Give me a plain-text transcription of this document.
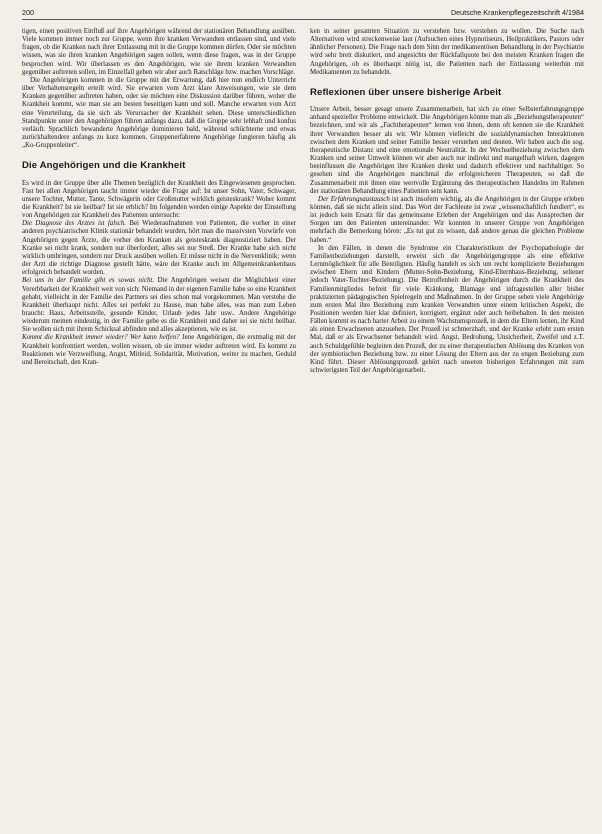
200	Deutsche Krankenpflegezeitschrift 4/1984

tigen, einen positiven Einfluß auf ihre Angehörigen während der stationären Behandlung ausüben. Viele kommen immer noch zur Gruppe, wenn ihre kranken Verwandten entlassen sind, und viele fragen, ob die Kranken nach ihrer Entlassung mit in die Gruppe kommen dürfen. Oder sie möchten wissen, was sie ihren kranken Angehörigen sagen sollen, wenn diese fragen, was in der Gruppe besprochen wird. Wir überlassen es den Angehörigen, wie sie ihrem kranken Verwandten gegenüber auftreten sollen, im Einzelfall geben wir aber auch Ratschläge bzw. machen Vorschläge.

Die Angehörigen kommen in die Gruppe mit der Erwartung, daß hier nun endlich Unterricht über Verhaltensregeln erteilt wird. Sie erwarten vom Arzt klare Anweisungen, wie sie dem Kranken gegenüber auftreten haben, oder sie möchten eine Diskussion darüber führen, woher die Krankheit kommt, wie man sie am besten beseitigen kann und soll. Manche erwarten vom Arzt eine Verurteilung, da sie sich als Verursacher der Krankheit sehen. Diese unterschiedlichen Standpunkte unter den Angehörigen führen anfangs dazu, daß die Gruppe sehr lebhaft und konfus verläuft. Sprachlich bewanderte Angehörige dominieren bald, während schüchterne und etwas zurückhaltendere anfangs zu kurz kommen. Gruppenerfahrene Angehörige fungieren häufig als „Ko-Gruppenleiter“.

Die Angehörigen und die Krankheit

Es wird in der Gruppe über alle Themen bezüglich der Krankheit des Eingewiesenen gesprochen. Fast bei allen Angehörigen taucht immer wieder die Frage auf: Ist unser Sohn, Vater, Schwager, unsere Tochter, Mutter, Tante, Schwägerin oder Großmutter wirklich geisteskrank? Woher kommt die Krankheit? Ist sie heilbar? Ist sie erblich? Im folgenden werden einige Aspekte der Einstellung von Angehörigen zur Krankheit des Patienten untersucht:

Die Diagnose des Arztes ist falsch. Bei Wiederaufnahmen von Patienten, die vorher in einer anderen psychiatrischen Klinik stationär behandelt wurden, hört man die massivsten Vorwürfe von Angehörigen gegen Ärzte, die vorher den Kranken als geisteskrank diagnostiziert haben. Der Kranke sei nicht krank, sondern nur überfordert, alles sei nur Streß. Der Kranke habe sich nicht wirklich umbringen, sondern nur Druck ausüben wollen. Er müsse nicht in die Nervenklinik; wenn der Arzt die richtige Diagnose gestellt hätte, wäre der Kranke auch im Allgemeinkrankenhaus erfolgreich behandelt worden.

Bei uns in der Familie gibt es sowas nicht. Die Angehörigen weisen die Möglichkeit einer Vererbbarkeit der Krankheit weit von sich: Niemand in der eigenen Familie habe so eine Krankheit gehabt, vielleicht in der Familie des Partners sei dies schon mal vorgekommen. Man verstehe die Krankheit überhaupt nicht. Alles sei perfekt zu Hause, man habe alles, was man zum Leben braucht: Haus, Arbeitsstelle, gesunde Kinder, Urlaub jedes Jahr usw.. Andere Angehörige wiederum meinen eindeutig, in der Familie gebe es die Krankheit und daher sei sie nicht heilbar. Sie wollen sich mit ihrem Schicksal abfinden und alles akzeptieren, wie es ist.

Kommt die Krankheit immer wieder? Wer kann helfen? Jene Angehörigen, die erstmalig mit der Krankheit konfrontiert werden, wollen wissen, ob sie immer wieder auftreten wird. Es kommt zu Reaktionen wie Verzweiflung, Angst, Mitleid, Solidarität, Motivation, weiter zu machen, Geduld und Bereitschaft, den Kran-

ken in seiner gesamten Situation zu verstehen bzw. verstehen zu wollen. Die Suche nach Alternativen wird streckenweise laut (Aufsuchen eines Hypnotiseurs, Heilpraktikers, Pastors oder ähnlicher Personen). Die Frage nach dem Sinn der medikamentösen Behandlung in der Psychiatrie wird sehr breit diskutiert, und angesichts der Rückfallquote bei den meisten Kranken fragen die Angehörigen, ob es überhaupt nötig ist, die Patienten nach der Entlassung weiterhin mit Medikamenten zu behandeln.

Reflexionen über unsere bisherige Arbeit

Unsere Arbeit, besser gesagt unsere Zusammenarbeit, hat sich zu einer Selbsterfahrungsgruppe anhand spezieller Probleme entwickelt. Die Angehörigen könnte man als „Beziehungstherapeuten“ bezeichnen, und wir als „Fachtherapeuten“ lernen von ihnen, denn oft kennen sie die Krankheit ihrer Verwandten besser als wir. Wir können vielleicht die sozialdynamischen Interaktionen zwischen dem Kranken und seiner Familie besser verstehen und deuten. Wir haben auch die sog. therapeutische Distanz und eine emotionale Neutralität. In der Wechselbeziehung zwischen dem Kranken und seiner Umwelt können wir aber auch nur indirekt und mangelhaft wirken, dagegen beeinflussen die Angehörigen ihre Kranken direkt und dadurch effektiver und nachhaltiger. So gesehen sind die Angehörigen manchmal die erfolgreicheren Therapeuten, so daß die Zusammenarbeit mit ihnen eine wertvolle Ergänzung des therapeutischen Handelns im Rahmen der stationären Behandlung eines Patienten sein kann.

Der Erfahrungsaustausch ist auch insofern wichtig, als die Angehörigen in der Gruppe erleben können, daß sie nicht allein sind. Das Wort der Fachleute ist zwar „wissenschaftlich fundiert“, es ist jedoch kein Ersatz für das gemeinsame Erleben der Angehörigen und das Aussprechen der Sorgen um den Patienten untereinander. Wir konnten in unserer Gruppe von Angehörigen mehrfach die Bemerkung hören: „Es tut gut zu wissen, daß andere genau die gleichen Probleme haben.“

In den Fällen, in denen die Syndrome ein Charakteristikum der Psychopathologie der Familienbeziehungen darstellt, erweist sich die Angehörigengruppe als eine effektive Lernmöglichkeit für alle Beteiligten. Häufig handelt es sich um recht komplizierte Beziehungen zwischen Eltern und Kindern (Mutter-Sohn-Beziehung, Kind-Elternhaus-Beziehung, seltener jedoch Vater-Tochter-Beziehung). Die Betroffenheit der Angehörigen durch die Krankheit des Familienmitgliedes befreit für viele Kränkung, Blamage und infragestellen aller bisher praktizierten pädagogischen Spielregeln und Maßnahmen. In der Gruppe sehen viele Angehörige zum ersten Mal ihre Beziehung zum kranken Verwandten unter einem kritischen Aspekt, die Positionen werden hier klar definiert, korrigiert, ergänzt oder auch beibehalten. In den meisten Fällen kommt es nach harter Arbeit zu einem Wachstumsprozeß, in dem die Eltern lernen, ihr Kind als einen Erwachsenen anzusehen. Der Prozeß ist schmerzhaft, und der Kranke erlebt zum ersten Mal, daß er als Erwachsener behandelt wird. Angst, Bedrohung, Unsicherheit, Zweifel und z.T. auch Schuldgefühle begleiten den Prozeß, der zu einer therapeutischen Ablösung des Kranken von der symbiotischen Beziehung bzw. zu einer Lösung der Eltern aus der zu engen Beziehung zum Kind führt. Dieser Ablösungsprozeß gehört nach unseren bisherigen Erfahrungen mit zum schwierigsten Teil der Angehörigenarbeit.
